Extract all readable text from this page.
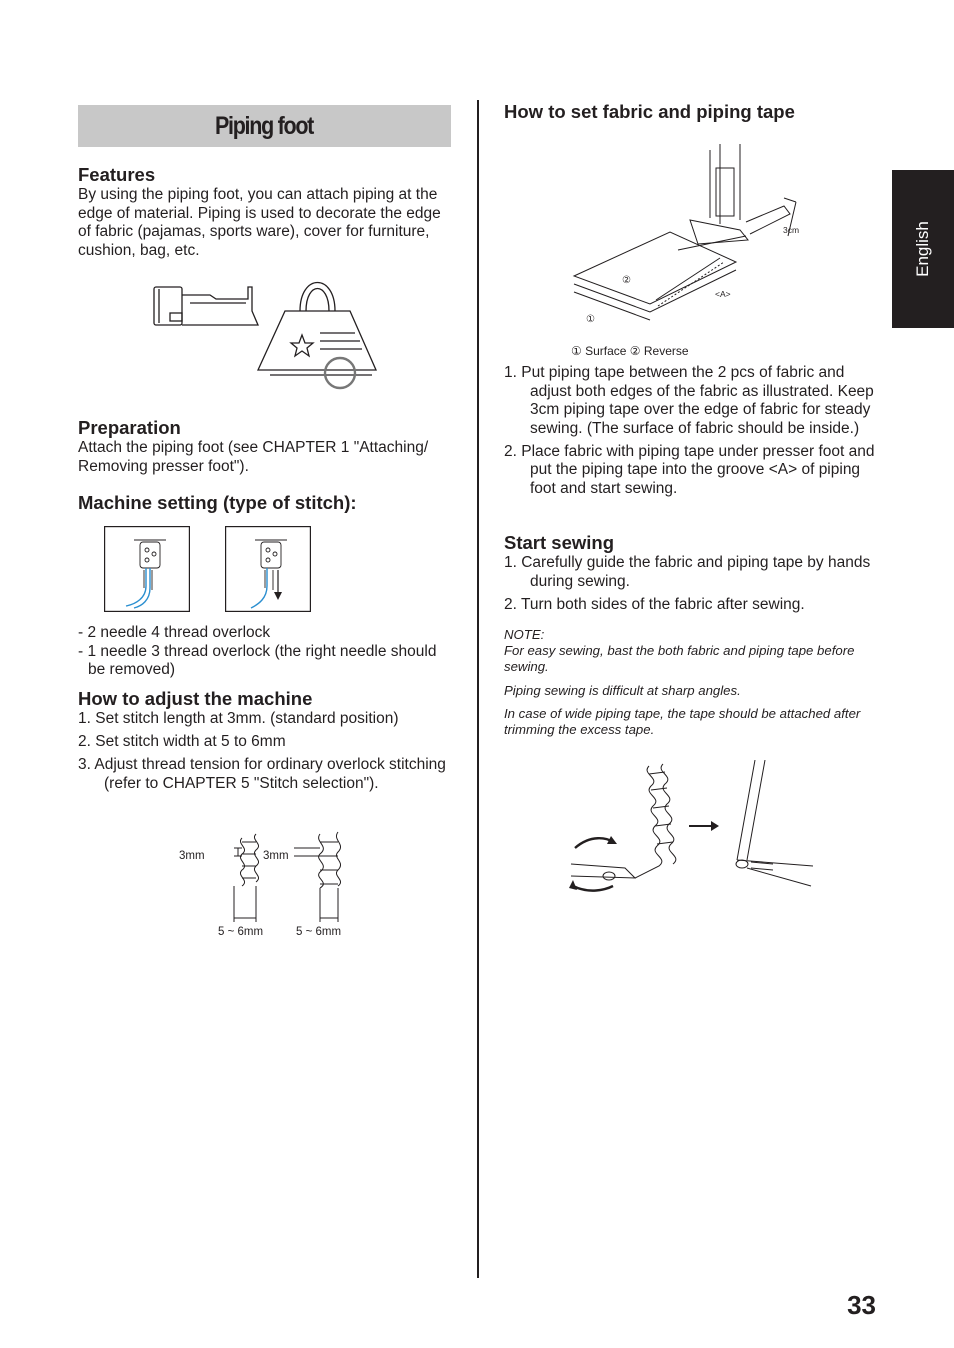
Piping foot
English
Features

By using the piping foot, you can attach piping at the edge of material. Piping is used to decorate the edge of fabric (pajamas, sports ware), cover for furniture, cushion, bag, etc.

Preparation

Attach the piping foot (see CHAPTER 1 "Attaching/ Removing presser foot").

Machine setting (type of stitch):
- 2 needle 4 thread overlock
- 1 needle 3 thread overlock (the right needle should be removed)
How to adjust the machine
1. Set stitch length at 3mm. (standard position)
2. Set stitch width at 5 to 6mm
3. Adjust thread tension for ordinary overlock stitching (refer to CHAPTER 5 "Stitch selection").
3mm	3mm
5 ~ 6mm	5 ~ 6mm
How to set fabric and piping tape
3cm
<A>
②
①
① Surface ② Reverse
1. Put piping tape between the 2 pcs of fabric and adjust both edges of the fabric as illustrated. Keep 3cm piping tape over the edge of fabric for steady sewing. (The surface of fabric should be inside.)
2. Place fabric with piping tape under presser foot and put the piping tape into the groove <A> of piping foot and start sewing.
Start sewing
1. Carefully guide the fabric and piping tape by hands during sewing.
2. Turn both sides of the fabric after sewing.
NOTE:
For easy sewing, bast the both fabric and piping tape before sewing.
Piping sewing is difficult at sharp angles.
In case of wide piping tape, the tape should be attached after trimming the excess tape.
33
